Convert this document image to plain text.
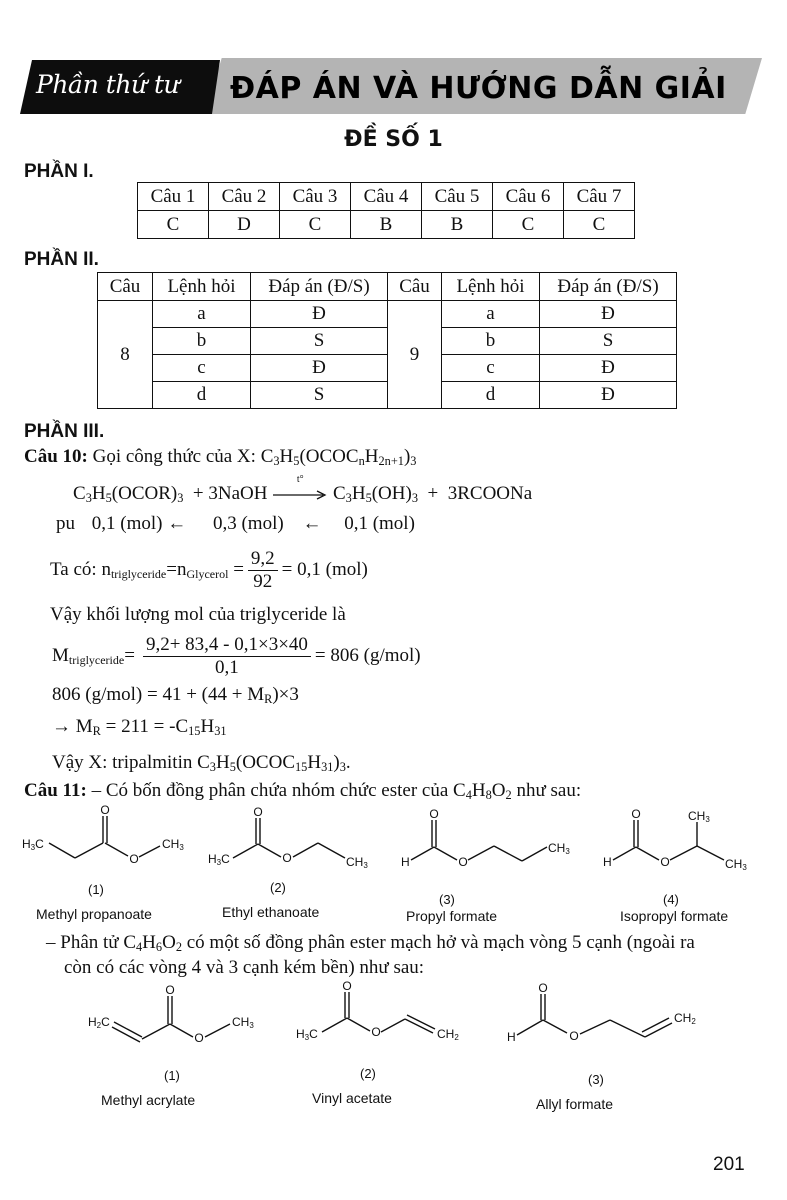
Phần thứ tư ĐÁP ÁN VÀ HƯỚNG DẪN GIẢI
ĐỀ SỐ 1
PHẦN I.
Câu 1	Câu 2	Câu 3	Câu 4	Câu 5	Câu 6	Câu 7
C	D	C	B	B	C	C
PHẦN II.
Câu	Lệnh hỏi	Đáp án (Đ/S)	Câu	Lệnh hỏi	Đáp án (Đ/S)
8	a	Đ	9	a	Đ
	b	S		b	S
	c	Đ		c	Đ
	d	S		d	Đ
PHẦN III.
Câu 10: Gọi công thức của X: $C_3H_5(OCOC_nH_{2n+1})_3$
$C_3H_5(OCOR)_3$ + 3NaOH
t°
$C_3H_5(OH)_3$ + 3RCOONa
pu 0,1 (mol) ← 0,3 (mol) ← 0,1 (mol)
Ta có:
$n_{triglyceride} = n_{Glycerol} = \frac{9,2}{92} = 0,1$ (mol)
Vậy khối lượng mol của triglyceride là
$M_{triglyceride} = \frac{9,2+ 83,4 - 0,1\times 3\times 40}{0,1} = 806$ (g/mol)
806 $(g/mol) = 41 + (44 + M_R)\times 3$
→ $M_R = 211 = -C_{15}H_{31}$
Vậy X: tripalmitin $C_3H_5(OCOC_{15}H_{31})_3$.
Câu 11: – Có bốn đồng phân chứa nhóm chức ester của $C_4H_8O_2$ như sau:
O
H3C
O
CH3
O
H3C	O	CH3
O
H	O
CH3
O
H	O
CH3
CH3
(1)	(2)
(3)	(4)
Methyl propanoate	Ethyl ethanoate	Propyl formate	Isopropyl formate
– Phân tử $C_4H_6O_2$ có một số đồng phân ester mạch hở và mạch vòng 5 cạnh (ngoài ra
còn có các vòng 4 và 3 cạnh kém bền) như sau:
O
H2C
O
CH3
O
H3C	O	CH2
O
H	O
CH2
(1)	(2)	(3)
Methyl acrylate	Vinyl acetate	Allyl formate
201
